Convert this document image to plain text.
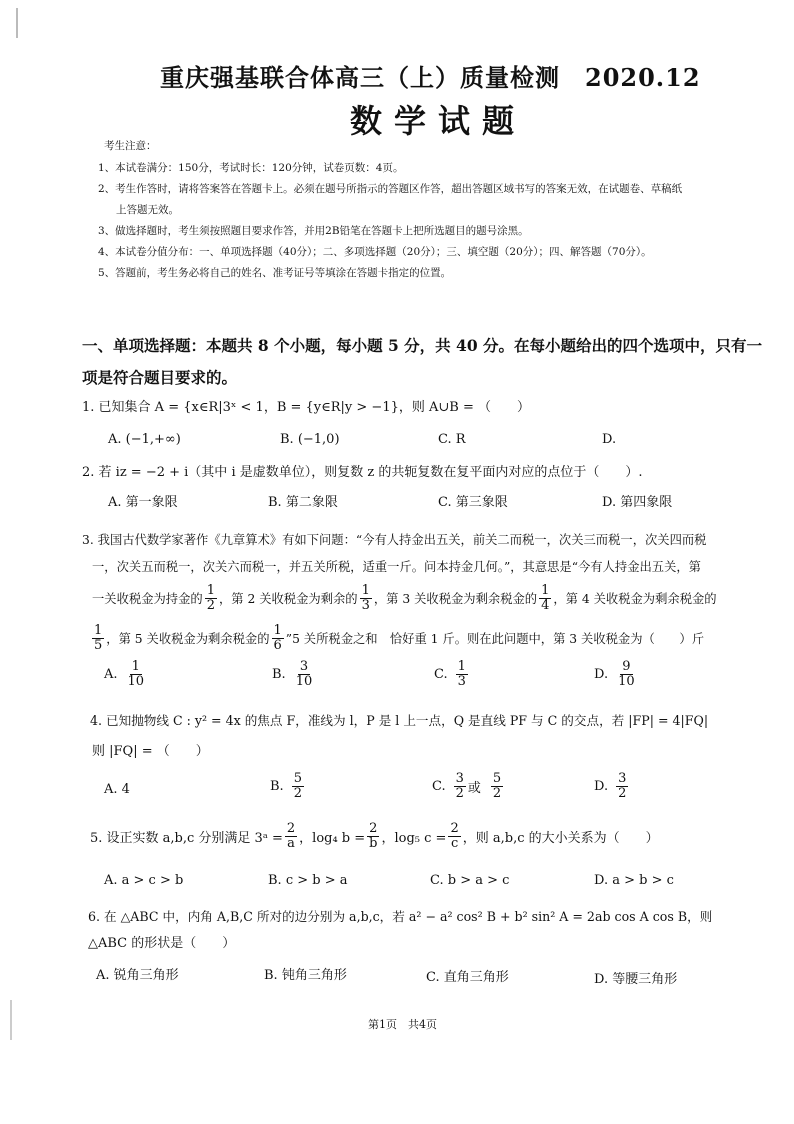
重庆强基联合体高三（上）质量检测　2020.12
数学试题
考生注意：
1、本试卷满分：150分，考试时长：120分钟，试卷页数：4页。
2、考生作答时，请将答案答在答题卡上。必须在题号所指示的答题区作答，超出答题区域书写的答案无效，在试题卷、草稿纸
上答题无效。
3、做选择题时，考生须按照题目要求作答，并用2B铅笔在答题卡上把所选题目的题号涂黑。
4、本试卷分值分布：一、单项选择题（40分）；二、多项选择题（20分）；三、填空题（20分）；四、解答题（70分）。
5、答题前，考生务必将自己的姓名、准考证号等填涂在答题卡指定的位置。
一、单项选择题：本题共 8 个小题，每小题 5 分，共 40 分。在每小题给出的四个选项中，只有一项是符合题目要求的。
1. 已知集合 A = {x∈R|3ˣ < 1，B = {y∈R|y > −1}，则 A∪B = （　　）
A. (−1,+∞)	B. (−1,0)	C. R	D.
2. 若 iz = −2 + i（其中 i 是虚数单位），则复数 z 的共轭复数在复平面内对应的点位于（　　）.
A. 第一象限	B. 第二象限	C. 第三象限	D. 第四象限
3. 我国古代数学家著作《九章算术》有如下问题：“今有人持金出五关，前关二而税一，次关三而税一，次关四而税
一，次关五而税一，次关六而税一，并五关所税，适重一斤。问本持金几何。”，其意思是“今有人持金出五关，第
一关收税金为持金的 $\frac{1}{2}$ ，第 2 关收税金为剩余的 $\frac{1}{3}$ ，第 3 关收税金为剩余税金的 $\frac{1}{4}$ ，第 4 关收税金为剩余税金的
$\frac{1}{5}$ ，第 5 关收税金为剩余税金的 $\frac{1}{6}$ ”5 关所税金之和　恰好重 1 斤。则在此问题中，第 3 关收税金为（　　）斤
A. $\frac{1}{10}$	B. $\frac{3}{10}$	C. $\frac{1}{3}$	D. $\frac{9}{10}$
4. 已知抛物线 C : y² = 4x 的焦点 F，准线为 l，P 是 l 上一点，Q 是直线 PF 与 C 的交点，若 |FP| = 4|FQ|
则 |FQ| = （　　）
A. 4	B. $\frac{5}{2}$	C. $\frac{3}{2}$ 或 $\frac{5}{2}$	D. $\frac{3}{2}$
5. 设正实数 a,b,c 分别满足 3ᵃ = $\frac{2}{a}$ ，log₄ $b = \frac{2}{b}$ ，log₅ $c = \frac{2}{c}$ ，则 a,b,c 的大小关系为（　　）
A. a > c > b	B. c > b > a	C. b > a > c	D. a > b > c
6. 在 △ABC 中，内角 A,B,C 所对的边分别为 a,b,c，若 a² − a² cos² B + b² sin² A = 2ab cos A cos B，则
△ABC 的形状是（　　）
A. 锐角三角形	B. 钝角三角形	C. 直角三角形	D. 等腰三角形
第1页　共4页
